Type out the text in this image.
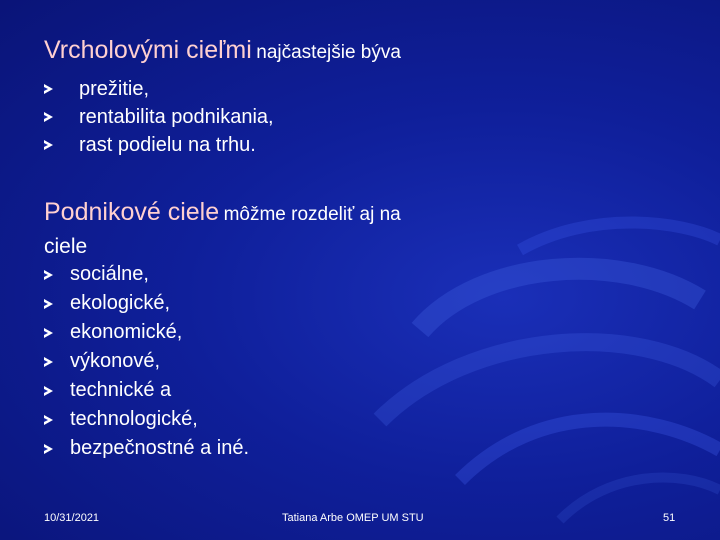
Vrcholovými cieľmi najčastejšie býva
prežitie,
rentabilita podnikania,
rast podielu na trhu.
Podnikové ciele môžme rozdeliť aj na
ciele
sociálne,
ekologické,
ekonomické,
výkonové,
technické a
technologické,
bezpečnostné a iné.
10/31/2021	Tatiana Arbe OMEP UM STU	51
